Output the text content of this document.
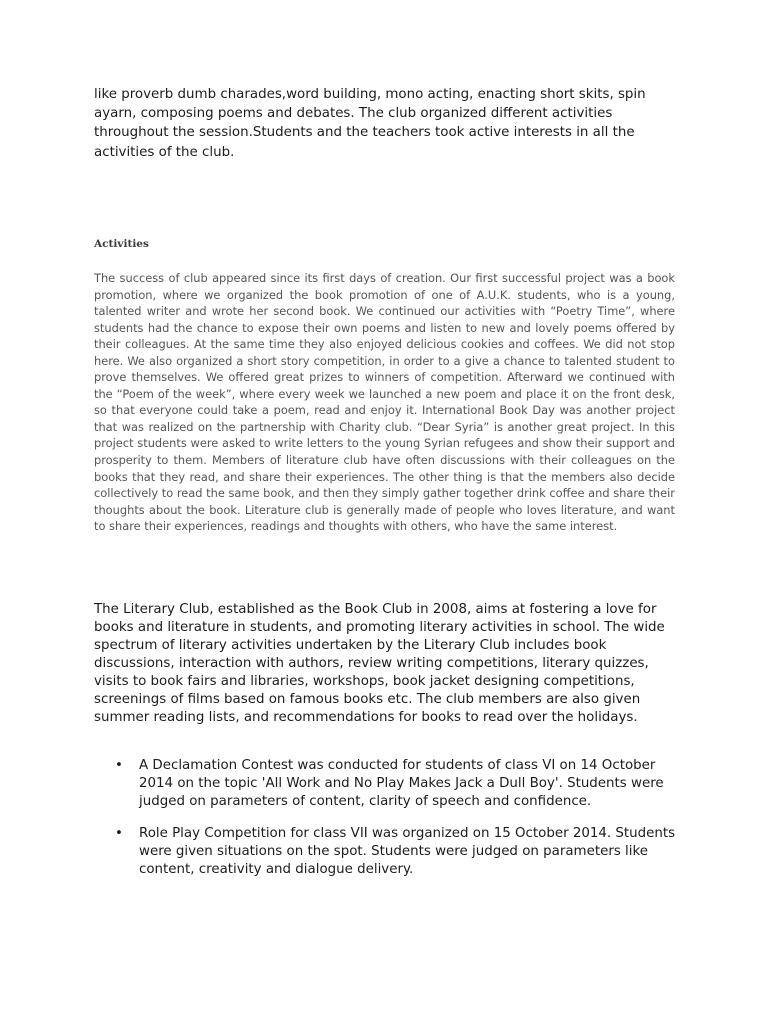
like proverb dumb charades,word building, mono acting, enacting short skits, spin ayarn, composing poems and debates. The club organized different activities throughout the session.Students and the teachers took active interests in all the activities of the club.

Activities

The success of club appeared since its first days of creation. Our first successful project was a book promotion, where we organized the book promotion of one of A.U.K. students, who is a young, talented writer and wrote her second book. We continued our activities with “Poetry Time”, where students had the chance to expose their own poems and listen to new and lovely poems offered by their colleagues. At the same time they also enjoyed delicious cookies and coffees. We did not stop here. We also organized a short story competition, in order to a give a chance to talented student to prove themselves. We offered great prizes to winners of competition. Afterward we continued with the “Poem of the week”, where every week we launched a new poem and place it on the front desk, so that everyone could take a poem, read and enjoy it. International Book Day was another project that was realized on the partnership with Charity club. “Dear Syria” is another great project. In this project students were asked to write letters to the young Syrian refugees and show their support and prosperity to them. Members of literature club have often discussions with their colleagues on the books that they read, and share their experiences. The other thing is that the members also decide collectively to read the same book, and then they simply gather together drink coffee and share their thoughts about the book. Literature club is generally made of people who loves literature, and want to share their experiences, readings and thoughts with others, who have the same interest.

The Literary Club, established as the Book Club in 2008, aims at fostering a love for books and literature in students, and promoting literary activities in school. The wide spectrum of literary activities undertaken by the Literary Club includes book discussions, interaction with authors, review writing competitions, literary quizzes, visits to book fairs and libraries, workshops, book jacket designing competitions, screenings of films based on famous books etc. The club members are also given summer reading lists, and recommendations for books to read over the holidays.

• A Declamation Contest was conducted for students of class VI on 14 October 2014 on the topic 'All Work and No Play Makes Jack a Dull Boy'. Students were judged on parameters of content, clarity of speech and confidence.
• Role Play Competition for class VII was organized on 15 October 2014. Students were given situations on the spot. Students were judged on parameters like content, creativity and dialogue delivery.
